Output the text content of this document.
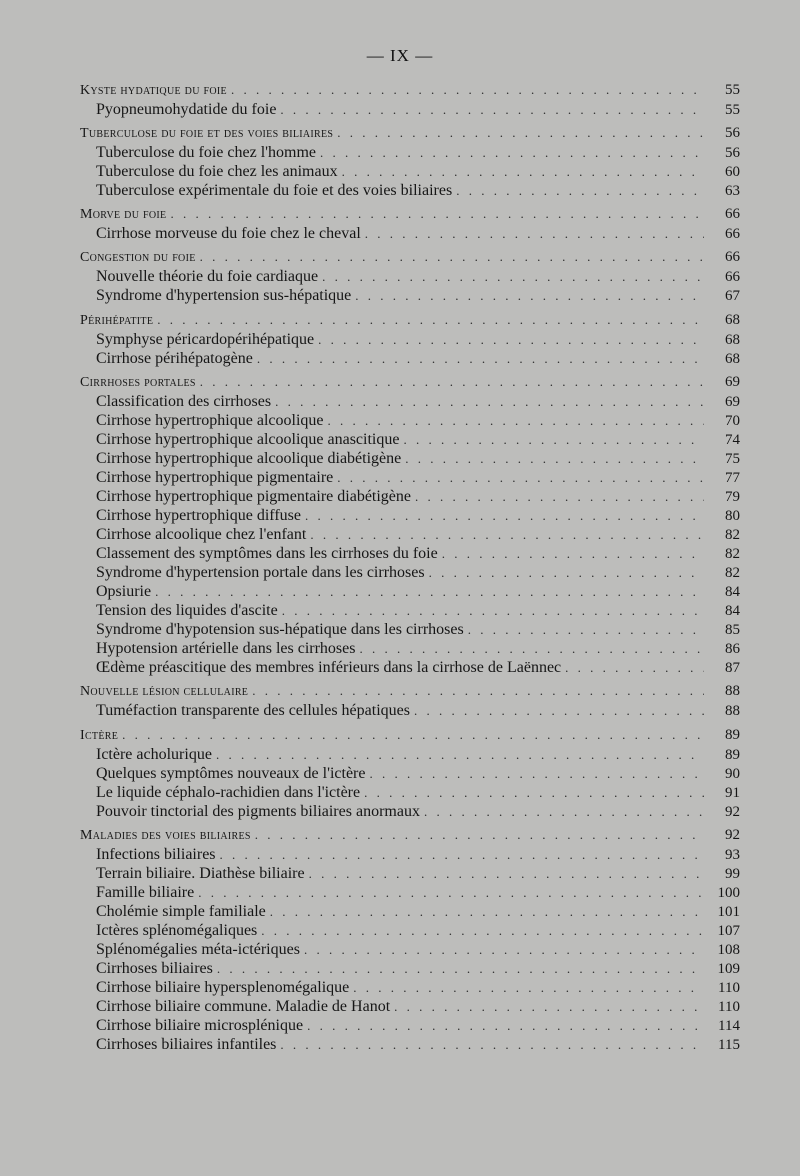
— IX —
Kyste hydatique du foie . . .	55
Pyopneumohydatide du foie . . .	55
Tuberculose du foie et des voies biliaires . . .	56
Tuberculose du foie chez l'homme . . .	56
Tuberculose du foie chez les animaux . . .	60
Tuberculose expérimentale du foie et des voies biliaires . . .	63
Morve du foie . . .	66
Cirrhose morveuse du foie chez le cheval . . .	66
Congestion du foie . . .	66
Nouvelle théorie du foie cardiaque . . .	66
Syndrome d'hypertension sus-hépatique . . .	67
Périhépatite . . .	68
Symphyse péricardopérihépatique . . .	68
Cirrhose périhépatogène . . .	68
Cirrhoses portales . . .	69
Classification des cirrhoses . . .	69
Cirrhose hypertrophique alcoolique . . .	70
Cirrhose hypertrophique alcoolique anascitique . . .	74
Cirrhose hypertrophique alcoolique diabétigène . . .	75
Cirrhose hypertrophique pigmentaire . . .	77
Cirrhose hypertrophique pigmentaire diabétigène . . .	79
Cirrhose hypertrophique diffuse . . .	80
Cirrhose alcoolique chez l'enfant . . .	82
Classement des symptômes dans les cirrhoses du foie . . .	82
Syndrome d'hypertension portale dans les cirrhoses . . .	82
Opsiurie . . .	84
Tension des liquides d'ascite . . .	84
Syndrome d'hypotension sus-hépatique dans les cirrhoses . . .	85
Hypotension artérielle dans les cirrhoses . . .	86
Œdème préascitique des membres inférieurs dans la cirrhose de Laënnec . . .	87
Nouvelle lésion cellulaire . . .	88
Tuméfaction transparente des cellules hépatiques . . .	88
Ictère . . .	89
Ictère acholurique . . .	89
Quelques symptômes nouveaux de l'ictère . . .	90
Le liquide céphalo-rachidien dans l'ictère . . .	91
Pouvoir tinctorial des pigments biliaires anormaux . . .	92
Maladies des voies biliaires . . .	92
Infections biliaires . . .	93
Terrain biliaire. Diathèse biliaire . . .	99
Famille biliaire . . .	100
Cholémie simple familiale . . .	101
Ictères splénomégaliques . . .	107
Splénomégalies méta-ictériques . . .	108
Cirrhoses biliaires . . .	109
Cirrhose biliaire hypersplenomégalique . . .	110
Cirrhose biliaire commune. Maladie de Hanot . . .	110
Cirrhose biliaire microsplénique . . .	114
Cirrhoses biliaires infantiles . . .	115
